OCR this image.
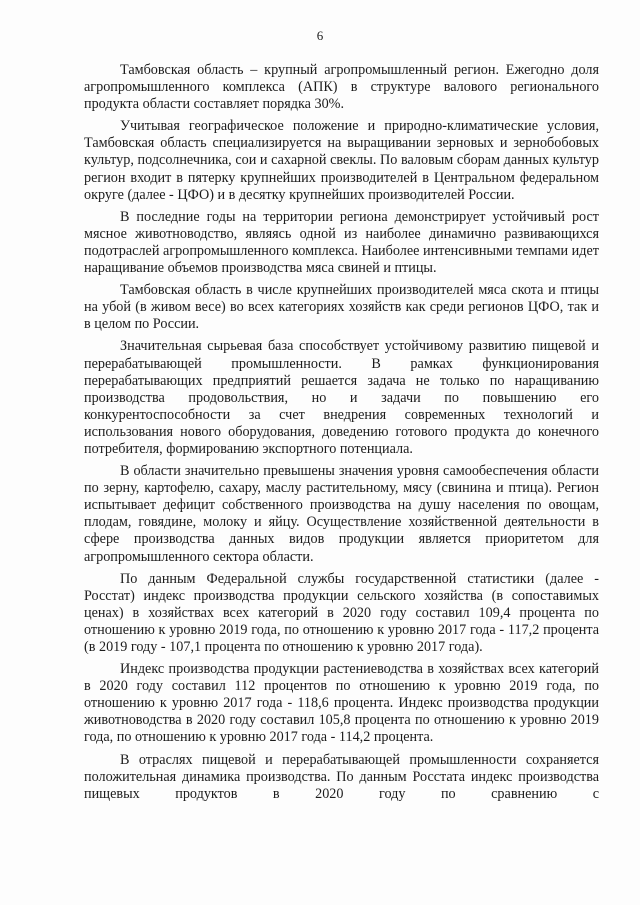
6

Тамбовская область – крупный агропромышленный регион. Ежегодно доля агропромышленного комплекса (АПК) в структуре валового регионального продукта области составляет порядка 30%.

Учитывая географическое положение и природно-климатические условия, Тамбовская область специализируется на выращивании зерновых и зернобобовых культур, подсолнечника, сои и сахарной свеклы. По валовым сборам данных культур регион входит в пятерку крупнейших производителей в Центральном федеральном округе (далее - ЦФО) и в десятку крупнейших производителей России.

В последние годы на территории региона демонстрирует устойчивый рост мясное животноводство, являясь одной из наиболее динамично развивающихся подотраслей агропромышленного комплекса. Наиболее интенсивными темпами идет наращивание объемов производства мяса свиней и птицы.

Тамбовская область в числе крупнейших производителей мяса скота и птицы на убой (в живом весе) во всех категориях хозяйств как среди регионов ЦФО, так и в целом по России.

Значительная сырьевая база способствует устойчивому развитию пищевой и перерабатывающей промышленности. В рамках функционирования перерабатывающих предприятий решается задача не только по наращиванию производства продовольствия, но и задачи по повышению его конкурентоспособности за счет внедрения современных технологий и использования нового оборудования, доведению готового продукта до конечного потребителя, формированию экспортного потенциала.

В области значительно превышены значения уровня самообеспечения области по зерну, картофелю, сахару, маслу растительному, мясу (свинина и птица). Регион испытывает дефицит собственного производства на душу населения по овощам, плодам, говядине, молоку и яйцу. Осуществление хозяйственной деятельности в сфере производства данных видов продукции является приоритетом для агропромышленного сектора области.

По данным Федеральной службы государственной статистики (далее - Росстат) индекс производства продукции сельского хозяйства (в сопоставимых ценах) в хозяйствах всех категорий в 2020 году составил 109,4 процента по отношению к уровню 2019 года, по отношению к уровню 2017 года - 117,2 процента (в 2019 году - 107,1 процента по отношению к уровню 2017 года).

Индекс производства продукции растениеводства в хозяйствах всех категорий в 2020 году составил 112 процентов по отношению к уровню 2019 года, по отношению к уровню 2017 года - 118,6 процента. Индекс производства продукции животноводства в 2020 году составил 105,8 процента по отношению к уровню 2019 года, по отношению к уровню 2017 года - 114,2 процента.

В отраслях пищевой и перерабатывающей промышленности сохраняется положительная динамика производства. По данным Росстата индекс производства пищевых продуктов в 2020 году по сравнению с
